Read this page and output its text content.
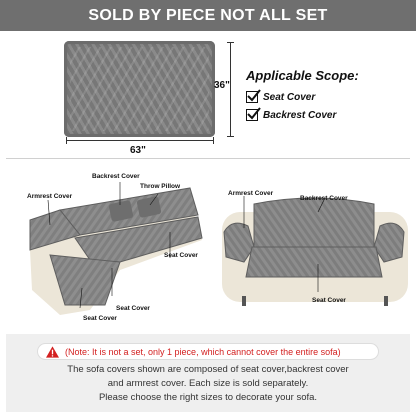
SOLD BY PIECE NOT ALL SET
36"
63"
Applicable Scope:
Seat Cover
Backrest Cover
Armrest Cover
Backrest Cover
Throw Pillow
Seat Cover
Seat Cover
Seat Cover
Armrest Cover
Backrest Cover
Seat Cover
(Note: It is not a set, only 1 piece, which cannot cover the entire sofa)
The sofa covers shown are composed of seat cover,backrest cover
and armrest cover. Each size is sold separately.
Please choose the right sizes to decorate your sofa.
